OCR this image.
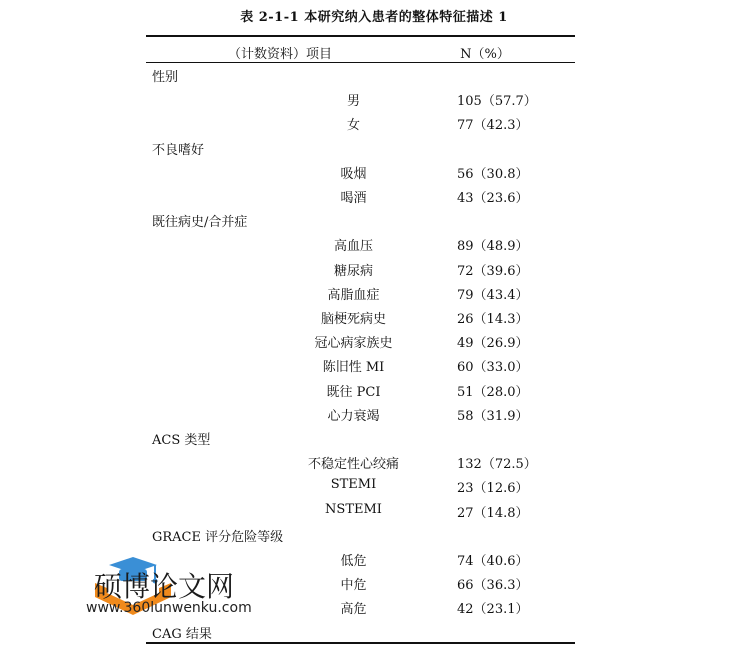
表 2-1-1 本研究纳入患者的整体特征描述 1
（计数资料）项目	N（%）
性别
男	105（57.7）
女	77（42.3）
不良嗜好
吸烟	56（30.8）
喝酒	43（23.6）
既往病史/合并症
高血压	89（48.9）
糖尿病	72（39.6）
高脂血症	79（43.4）
脑梗死病史	26（14.3）
冠心病家族史	49（26.9）
陈旧性 MI	60（33.0）
既往 PCI	51（28.0）
心力衰竭	58（31.9）
ACS 类型
不稳定性心绞痛	132（72.5）
STEMI	23（12.6）
NSTEMI	27（14.8）
GRACE 评分危险等级
低危	74（40.6）
中危	66（36.3）
高危	42（23.1）
CAG 结果
硕博论文网
www.360lunwenku.com
